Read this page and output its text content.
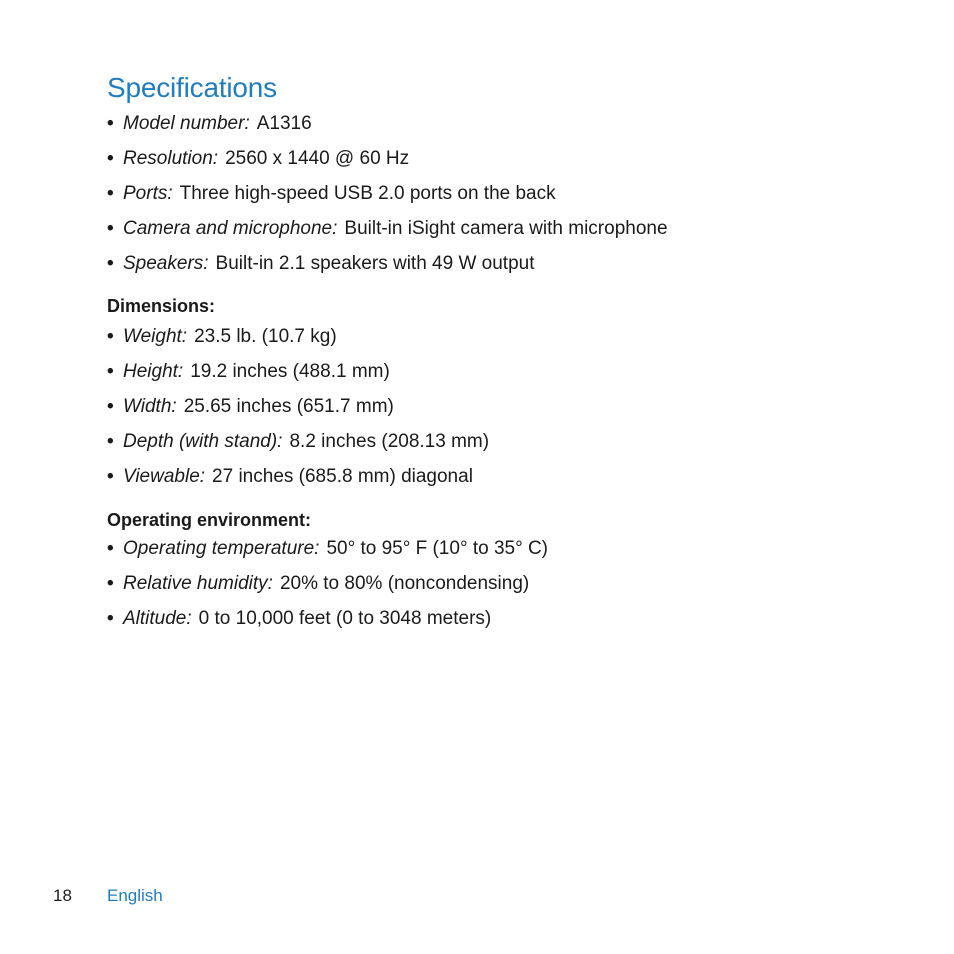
Specifications
• Model number: A1316
• Resolution: 2560 x 1440 @ 60 Hz
• Ports: Three high-speed USB 2.0 ports on the back
• Camera and microphone: Built-in iSight camera with microphone
• Speakers: Built-in 2.1 speakers with 49 W output
Dimensions:
• Weight: 23.5 lb. (10.7 kg)
• Height: 19.2 inches (488.1 mm)
• Width: 25.65 inches (651.7 mm)
• Depth (with stand): 8.2 inches (208.13 mm)
• Viewable: 27 inches (685.8 mm) diagonal
Operating environment:
• Operating temperature: 50° to 95° F (10° to 35° C)
• Relative humidity: 20% to 80% (noncondensing)
• Altitude: 0 to 10,000 feet (0 to 3048 meters)
18 English
